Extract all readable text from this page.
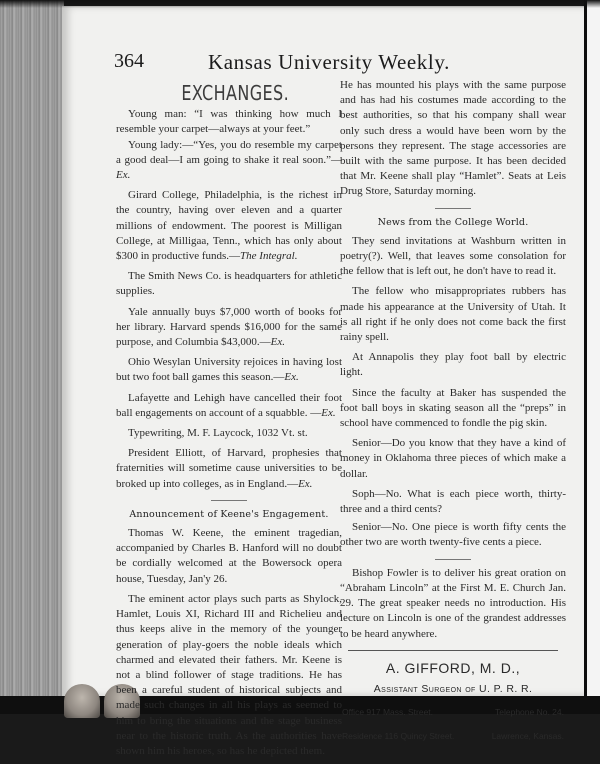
364	Kansas University Weekly.
EXCHANGES.

Young man: “I was thinking how much I resemble your carpet—always at your feet.”

Young lady:—“Yes, you do resemble my carpet a good deal—I am going to shake it real soon.”—Ex.

Girard College, Philadelphia, is the richest in the country, having over eleven and a quarter millions of endowment. The poorest is Milligan College, at Milligaa, Tenn., which has only about $300 in productive funds.—The Integral.

The Smith News Co. is headquarters for athletic supplies.

Yale annually buys $7,000 worth of books for her library. Harvard spends $16,000 for the same purpose, and Columbia $43,000.—Ex.

Ohio Wesylan University rejoices in having lost but two foot ball games this season.—Ex.

Lafayette and Lehigh have cancelled their foot ball engagements on account of a squabble. —Ex.

Typewriting, M. F. Laycock, 1032 Vt. st.

President Elliott, of Harvard, prophesies that fraternities will sometime cause universities to be broked up into colleges, as in England.—Ex.

Announcement of Keene's Engagement.

Thomas W. Keene, the eminent tragedian, accompanied by Charles B. Hanford will no doubt be cordially welcomed at the Bowersock opera house, Tuesday, Jan'y 26.

The eminent actor plays such parts as Shylock, Hamlet, Louis XI, Richard III and Richelieu and thus keeps alive in the memory of the younger generation of play-goers the noble ideals which charmed and elevated their fathers. Mr. Keene is not a blind follower of stage traditions. He has been a careful student of historical subjects and made such changes in all his plays as seemed to him to bring the situations and the stage business near to the historic truth. As the authorities have shown him his heroes, so has he depicted them.

He has mounted his plays with the same purpose and has had his costumes made according to the best authorities, so that his company shall wear only such dress a would have been worn by the persons they represent. The stage accessories are built with the same purpose. It has been decided that Mr. Keene shall play “Hamlet”. Seats at Leis Drug Store, Saturday morning.

News from the College World.

They send invitations at Washburn written in poetry(?). Well, that leaves some consolation for the fellow that is left out, he don't have to read it.

The fellow who misappropriates rubbers has made his appearance at the University of Utah. It is all right if he only does not come back the first rainy spell.

At Annapolis they play foot ball by electric light.

Since the faculty at Baker has suspended the foot ball boys in skating season all the “preps” in school have commenced to fondle the pig skin.

Senior—Do you know that they have a kind of money in Oklahoma three pieces of which make a dollar.

Soph—No. What is each piece worth, thirty-three and a third cents?

Senior—No. One piece is worth fifty cents the other two are worth twenty-five cents a piece.

Bishop Fowler is to deliver his great oration on “Abraham Lincoln” at the First M. E. Church Jan. 29. The great speaker needs no introduction. His lecture on Lincoln is one of the grandest addresses to be heard anywhere.

A. GIFFORD, M. D.,
Assistant Surgeon of U. P. R. R.
Office 917 Mass. Street.	Telephone No. 24.
Residence 116 Quincy Street.	Lawrence, Kansas.
